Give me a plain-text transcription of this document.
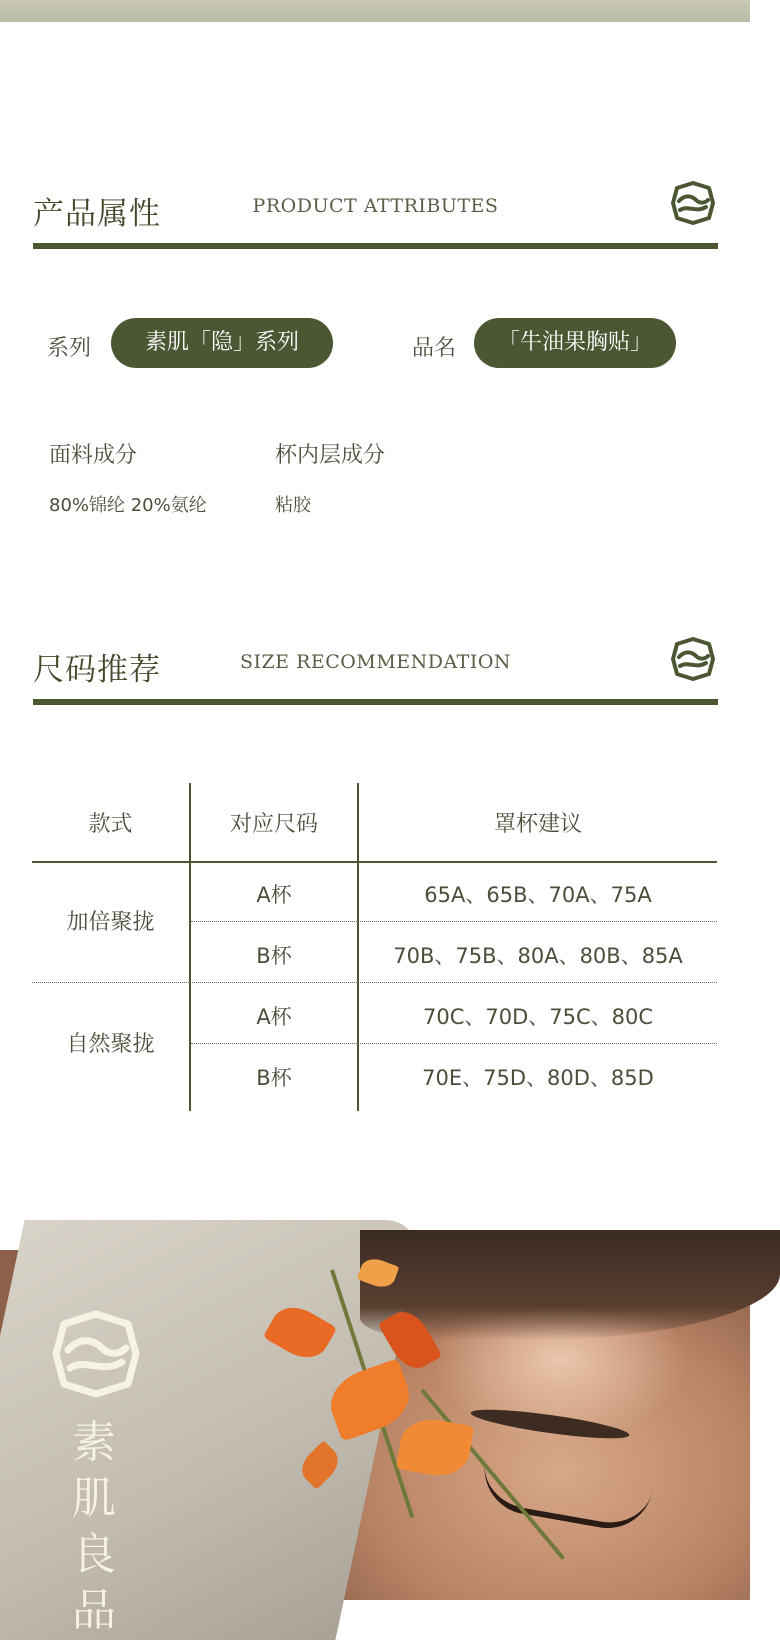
产品属性	PRODUCT ATTRIBUTES
系列	素肌「隐」系列	品名	「牛油果胸贴」
面料成分
80%锦纶 20%氨纶
杯内层成分
粘胶
尺码推荐	SIZE RECOMMENDATION
款式	对应尺码	罩杯建议
加倍聚拢
A杯	65A、65B、70A、75A
B杯	70B、75B、80A、80B、85A
自然聚拢
A杯	70C、70D、75C、80C
B杯	70E、75D、80D、85D
素肌良品
